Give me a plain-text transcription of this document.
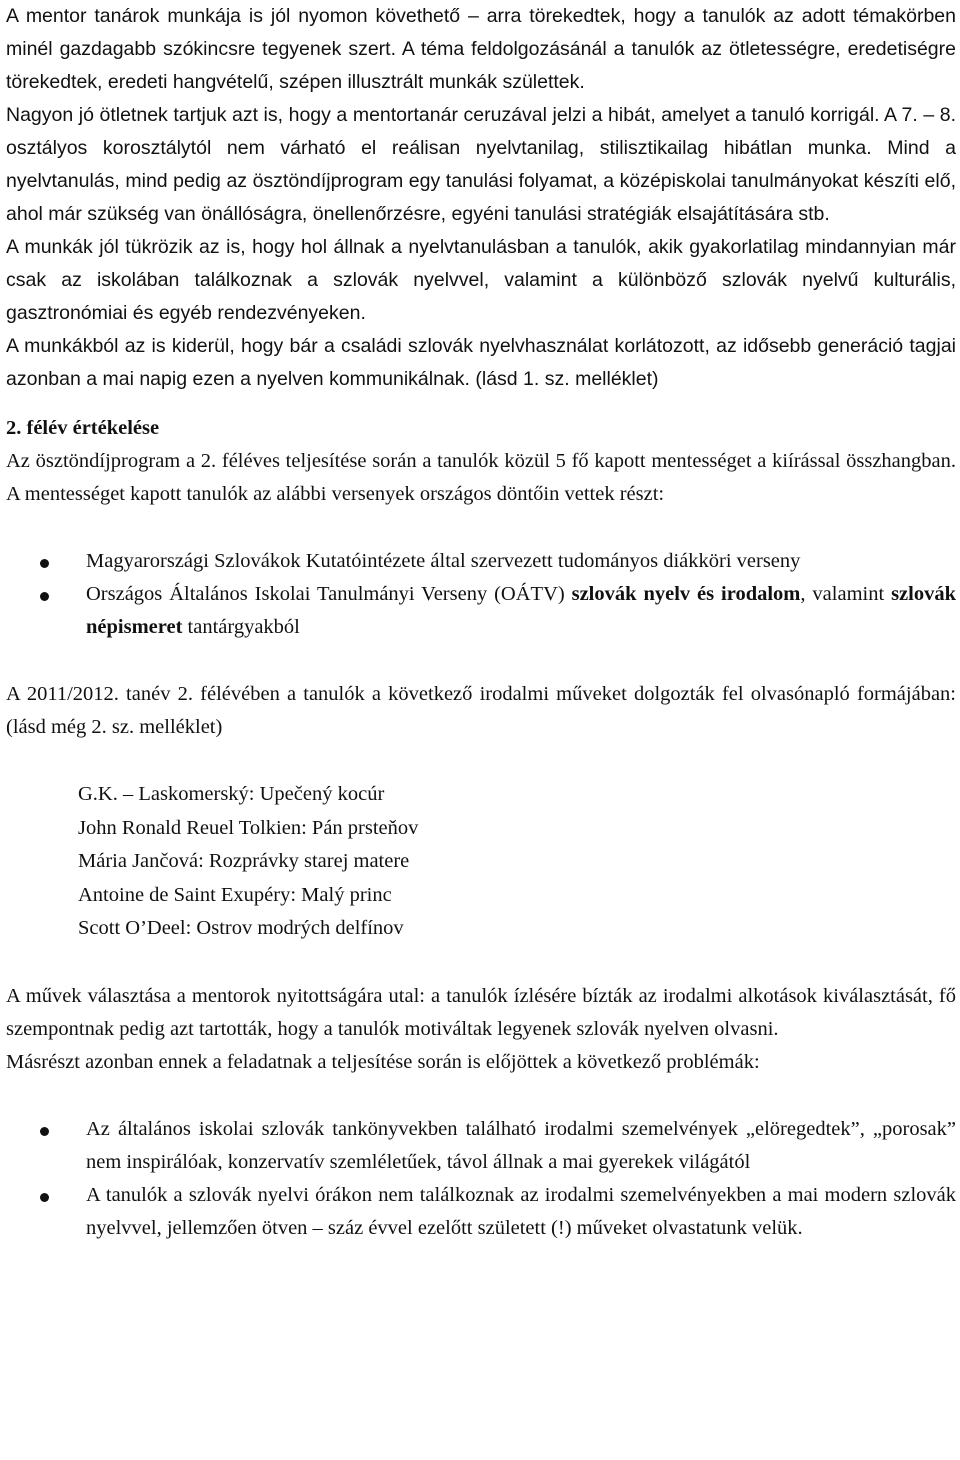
A mentor tanárok munkája is jól nyomon követhető – arra törekedtek, hogy a tanulók az adott témakörben minél gazdagabb szókincsre tegyenek szert. A téma feldolgozásánál a tanulók az ötletességre, eredetiségre törekedtek, eredeti hangvételű, szépen illusztrált munkák születtek.

Nagyon jó ötletnek tartjuk azt is, hogy a mentortanár ceruzával jelzi a hibát, amelyet a tanuló korrigál. A 7. – 8. osztályos korosztálytól nem várható el reálisan nyelvtanilag, stilisztikailag hibátlan munka. Mind a nyelvtanulás, mind pedig az ösztöndíjprogram egy tanulási folyamat, a középiskolai tanulmányokat készíti elő, ahol már szükség van önállóságra, önellenőrzésre, egyéni tanulási stratégiák elsajátítására stb.

A munkák jól tükrözik az is, hogy hol állnak a nyelvtanulásban a tanulók, akik gyakorlatilag mindannyian már csak az iskolában találkoznak a szlovák nyelvvel, valamint a különböző szlovák nyelvű kulturális, gasztronómiai és egyéb rendezvényeken.

A munkákból az is kiderül, hogy bár a családi szlovák nyelvhasználat korlátozott, az idősebb generáció tagjai azonban a mai napig ezen a nyelven kommunikálnak. (lásd 1. sz. melléklet)

2. félév értékelése

Az ösztöndíjprogram a 2. féléves teljesítése során a tanulók közül 5 fő kapott mentességet a kiírással összhangban. A mentességet kapott tanulók az alábbi versenyek országos döntőin vettek részt:

Magyarországi Szlovákok Kutatóintézete által szervezett tudományos diákköri verseny
Országos Általános Iskolai Tanulmányi Verseny (OÁTV) szlovák nyelv és irodalom, valamint szlovák népismeret tantárgyakból

A 2011/2012. tanév 2. félévében a tanulók a következő irodalmi műveket dolgozták fel olvasónapló formájában: (lásd még 2. sz. melléklet)

G.K. – Laskomerský: Upečený kocúr
John Ronald Reuel Tolkien: Pán prsteňov
Mária Jančová: Rozprávky starej matere
Antoine de Saint Exupéry: Malý princ
Scott O’Deel: Ostrov modrých delfínov

A művek választása a mentorok nyitottságára utal: a tanulók ízlésére bízták az irodalmi alkotások kiválasztását, fő szempontnak pedig azt tartották, hogy a tanulók motiváltak legyenek szlovák nyelven olvasni.

Másrészt azonban ennek a feladatnak a teljesítése során is előjöttek a következő problémák:

Az általános iskolai szlovák tankönyvekben található irodalmi szemelvények „elöregedtek”, „porosak” nem inspirálóak, konzervatív szemléletűek, távol állnak a mai gyerekek világától
A tanulók a szlovák nyelvi órákon nem találkoznak az irodalmi szemelvényekben a mai modern szlovák nyelvvel, jellemzően ötven – száz évvel ezelőtt született (!) műveket olvastatunk velük.
